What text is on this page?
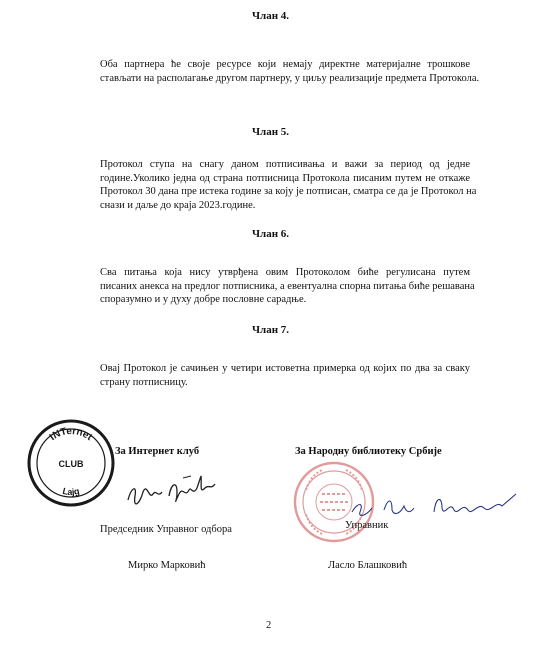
Члан 4.
Оба партнера ће своје ресурсе који немају директне материјалне трошкове
стављати на располагање другом партнеру, у циљу реализације предмета Протокола.
Члан 5.
Протокол ступа на снагу даном потписивања и важи за период од једне
године.Уколико једна од страна потписница Протокола писаним путем не откаже
Протокол 30 дана пре истека године за коју је потписан, сматра се да је Протокол на
снази и даље до краја 2023.године.
Члан 6.
Сва питања која нису утврђена овим Протоколом биће регулисана путем
писаних анекса на предлог потписника, а евентуална спорна питања биће решавана
споразумно и у духу добре пословне сарадње.
Члан 7.
Овај Протокол је сачињен у четири истоветна примерка од којих по два за сваку
страну потписницу.
INTernet
CLUB
Lajg
За Интернет клуб
Председник Управног одбора
Мирко Марковић
За Народну библиотеку Србије
Управник
Ласло Блашковић
2
